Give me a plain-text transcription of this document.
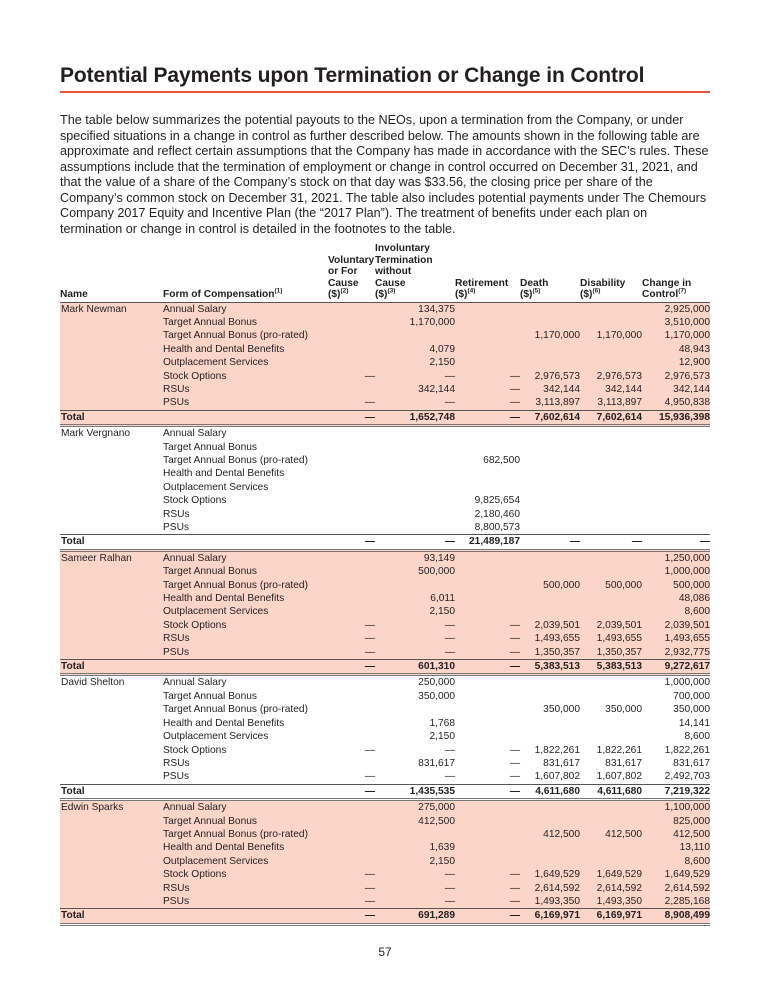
Potential Payments upon Termination or Change in Control

The table below summarizes the potential payouts to the NEOs, upon a termination from the Company, or under specified situations in a change in control as further described below. The amounts shown in the following table are approximate and reflect certain assumptions that the Company has made in accordance with the SEC’s rules. These assumptions include that the termination of employment or change in control occurred on December 31, 2021, and that the value of a share of the Company’s stock on that day was $33.56, the closing price per share of the Company’s common stock on December 31, 2021. The table also includes potential payments under The Chemours Company 2017 Equity and Incentive Plan (the “2017 Plan”). The treatment of benefits under each plan on termination or change in control is detailed in the footnotes to the table.

Name	Form of Compensation$^{(1)}$	Voluntary
or For
Cause
($)$^{(2)}$	Involuntary
Termination
without
Cause
($)$^{(3)}$	Retirement
($)$^{(4)}$	Death
($)$^{(5)}$	Disability
($)$^{(6)}$	Change in
Control$^{(7)}$
Mark Newman	Annual Salary		134,375				2,925,000
	Target Annual Bonus		1,170,000				3,510,000
	Target Annual Bonus (pro-rated)				1,170,000	1,170,000	1,170,000
	Health and Dental Benefits		4,079				48,943
	Outplacement Services		2,150				12,900
	Stock Options	—	—	—	2,976,573	2,976,573	2,976,573
	RSUs		342,144	—	342,144	342,144	342,144
	PSUs	—	—	—	3,113,897	3,113,897	4,950,838
Total		—	1,652,748	—	7,602,614	7,602,614	15,936,398
Mark Vergnano	Annual Salary						
	Target Annual Bonus						
	Target Annual Bonus (pro-rated)			682,500			
	Health and Dental Benefits						
	Outplacement Services						
	Stock Options			9,825,654			
	RSUs			2,180,460			
	PSUs			8,800,573			
Total		—	—	21,489,187	—	—	—
Sameer Ralhan	Annual Salary		93,149				1,250,000
	Target Annual Bonus		500,000				1,000,000
	Target Annual Bonus (pro-rated)				500,000	500,000	500,000
	Health and Dental Benefits		6,011				48,086
	Outplacement Services		2,150				8,600
	Stock Options	—	—	—	2,039,501	2,039,501	2,039,501
	RSUs	—	—	—	1,493,655	1,493,655	1,493,655
	PSUs	—	—	—	1,350,357	1,350,357	2,932,775
Total		—	601,310	—	5,383,513	5,383,513	9,272,617
David Shelton	Annual Salary		250,000				1,000,000
	Target Annual Bonus		350,000				700,000
	Target Annual Bonus (pro-rated)				350,000	350,000	350,000
	Health and Dental Benefits		1,768				14,141
	Outplacement Services		2,150				8,600
	Stock Options	—	—	—	1,822,261	1,822,261	1,822,261
	RSUs		831,617	—	831,617	831,617	831,617
	PSUs	—	—	—	1,607,802	1,607,802	2,492,703
Total		—	1,435,535	—	4,611,680	4,611,680	7,219,322
Edwin Sparks	Annual Salary		275,000				1,100,000
	Target Annual Bonus		412,500				825,000
	Target Annual Bonus (pro-rated)				412,500	412,500	412,500
	Health and Dental Benefits		1,639				13,110
	Outplacement Services		2,150				8,600
	Stock Options	—	—	—	1,649,529	1,649,529	1,649,529
	RSUs	—	—	—	2,614,592	2,614,592	2,614,592
	PSUs	—	—	—	1,493,350	1,493,350	2,285,168
Total		—	691,289	—	6,169,971	6,169,971	8,908,499
57
